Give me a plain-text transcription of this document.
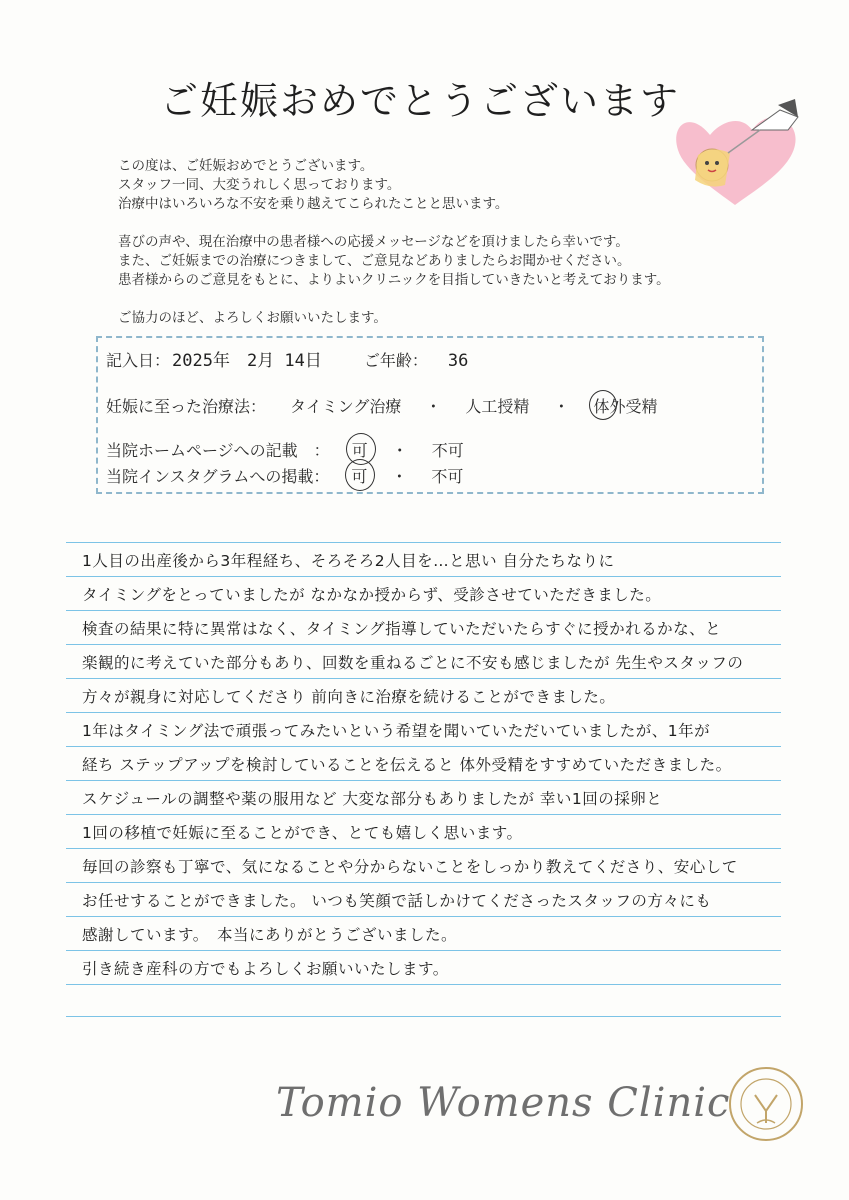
ご妊娠おめでとうございます
この度は、ご妊娠おめでとうございます。
スタッフ一同、大変うれしく思っております。
治療中はいろいろな不安を乗り越えてこられたことと思います。
喜びの声や、現在治療中の患者様への応援メッセージなどを頂けましたら幸いです。
また、ご妊娠までの治療につきまして、ご意見などありましたらお聞かせください。
患者様からのご意見をもとに、よりよいクリニックを目指していきたいと考えております。
ご協力のほど、よろしくお願いいたします。
記入日： 2025年　2月 14日	ご年齢： 36
妊娠に至った治療法： タイミング治療 ・ 人工授精 ・ 体外受精
当院ホームページへの記載　： 可 ・ 不可
当院インスタグラムへの掲載： 可 ・ 不可
1人目の出産後から3年程経ち、そろそろ2人目を…と思い 自分たちなりに
タイミングをとっていましたが なかなか授からず、受診させていただきました。
検査の結果に特に異常はなく、タイミング指導していただいたらすぐに授かれるかな、と
楽観的に考えていた部分もあり、回数を重ねるごとに不安も感じましたが 先生やスタッフの
方々が親身に対応してくださり 前向きに治療を続けることができました。
1年はタイミング法で頑張ってみたいという希望を聞いていただいていましたが、1年が
経ち ステップアップを検討していることを伝えると 体外受精をすすめていただきました。
スケジュールの調整や薬の服用など 大変な部分もありましたが 幸い1回の採卵と
1回の移植で妊娠に至ることができ、とても嬉しく思います。
毎回の診察も丁寧で、気になることや分からないことをしっかり教えてくださり、安心して
お任せすることができました。 いつも笑顔で話しかけてくださったスタッフの方々にも
感謝しています。　本当にありがとうございました。
引き続き産科の方でもよろしくお願いいたします。
Tomio Womens Clinic
